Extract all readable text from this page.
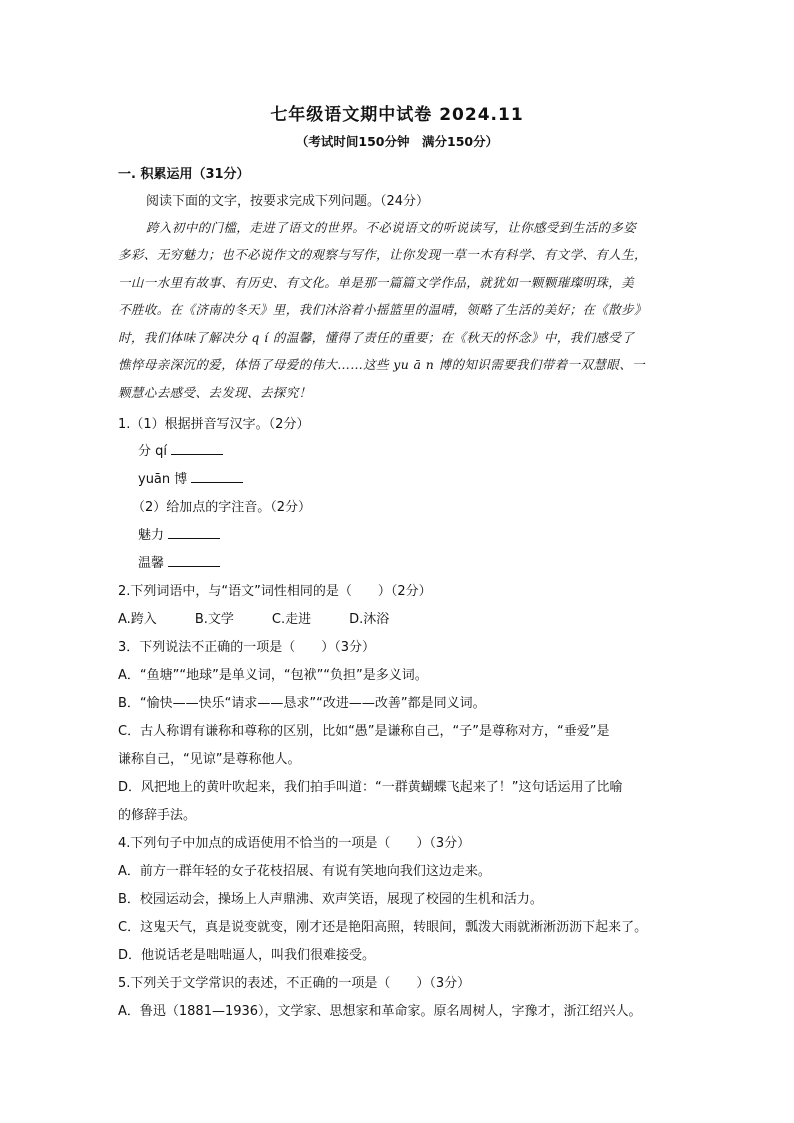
七年级语文期中试卷 2024.11
（考试时间150分钟　满分150分）
一. 积累运用（31分）
阅读下面的文字，按要求完成下列问题。（24分）
跨入初中的门槛，走进了语文的世界。不必说语文的听说读写，让你感受到生活的多姿
多彩、无穷魅力；也不必说作文的观察与写作，让你发现一草一木有科学、有文学、有人生，
一山一水里有故事、有历史、有文化。单是那一篇篇文学作品，就犹如一颗颗璀璨明珠，美
不胜收。在《济南的冬天》里，我们沐浴着小摇篮里的温晴，领略了生活的美好；在《散步》
时，我们体味了解决分 q í 的温馨，懂得了责任的重要；在《秋天的怀念》中，我们感受了
憔悴母亲深沉的爱，体悟了母爱的伟大……这些 yu ā n 博的知识需要我们带着一双慧眼、一
颗慧心去感受、去发现、去探究！
1.（1）根据拼音写汉字。（2分）
分 qí
yuān 博
（2）给加点的字注音。（2分）
魅力
温馨
2.下列词语中，与“语文”词性相同的是（　　）（2分）
A.跨入	B.文学	C.走进	D.沐浴
3．下列说法不正确的一项是（　　）（3分）
A．“鱼塘”“地球”是单义词，“包袱”“负担”是多义词。
B．“愉快——快乐“请求——恳求”“改进——改善”都是同义词。
C．古人称谓有谦称和尊称的区别，比如“愚”是谦称自己，“子”是尊称对方，“垂爱”是
谦称自己，“见谅”是尊称他人。
D．风把地上的黄叶吹起来，我们拍手叫道：“一群黄蝴蝶飞起来了！”这句话运用了比喻
的修辞手法。
4.下列句子中加点的成语使用不恰当的一项是（　　）（3分）
A．前方一群年轻的女子花枝招展、有说有笑地向我们这边走来。
B．校园运动会，操场上人声鼎沸、欢声笑语，展现了校园的生机和活力。
C．这鬼天气，真是说变就变，刚才还是艳阳高照，转眼间，瓢泼大雨就淅淅沥沥下起来了。
D．他说话老是咄咄逼人，叫我们很难接受。
5.下列关于文学常识的表述，不正确的一项是（　　）（3分）
A．鲁迅（1881—1936），文学家、思想家和革命家。原名周树人，字豫才，浙江绍兴人。
